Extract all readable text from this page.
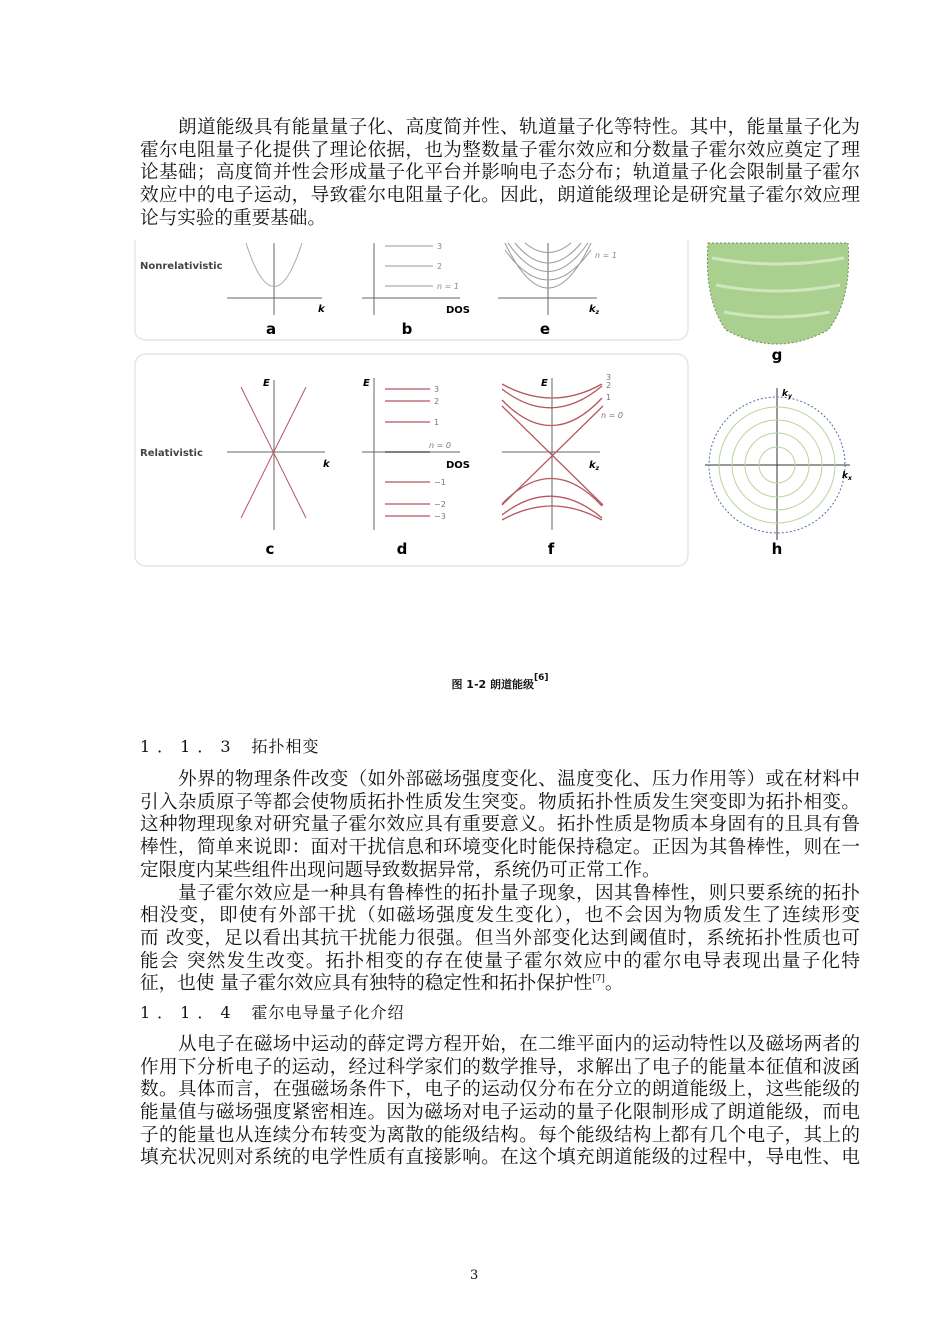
朗道能级具有能量量子化、高度简并性、轨道量子化等特性。其中，能量量子化为
霍尔电阻量子化提供了理论依据，也为整数量子霍尔效应和分数量子霍尔效应奠定了理
论基础；高度简并性会形成量子化平台并影响电子态分布；轨道量子化会限制量子霍尔
效应中的电子运动，导致霍尔电阻量子化。因此，朗道能级理论是研究量子霍尔效应理
论与实验的重要基础。
Nonrelativistic
Relativistic
k
a
3
2
n = 1
DOS
b
n = 1
$k_z$
e
g
E
k
c
E
3
2
1
n = 0
−1
−2
−3
DOS
d
E
3
2
1
n = 0
$k_z$
f
$k_y$
$k_x$
h
图 1-2 朗道能级[6]
1．1．3 拓扑相变
外界的物理条件改变（如外部磁场强度变化、温度变化、压力作用等）或在材料中
引入杂质原子等都会使物质拓扑性质发生突变。物质拓扑性质发生突变即为拓扑相变。
这种物理现象对研究量子霍尔效应具有重要意义。拓扑性质是物质本身固有的且具有鲁
棒性，简单来说即：面对干扰信息和环境变化时能保持稳定。正因为其鲁棒性，则在一
定限度内某些组件出现问题导致数据异常，系统仍可正常工作。
量子霍尔效应是一种具有鲁棒性的拓扑量子现象，因其鲁棒性，则只要系统的拓扑
相没变，即使有外部干扰（如磁场强度发生变化），也不会因为物质发生了连续形变
而 改变，足以看出其抗干扰能力很强。但当外部变化达到阈值时，系统拓扑性质也可
能会 突然发生改变。拓扑相变的存在使量子霍尔效应中的霍尔电导表现出量子化特
征，也使 量子霍尔效应具有独特的稳定性和拓扑保护性[7]。
1．1．4 霍尔电导量子化介绍
从电子在磁场中运动的薛定谔方程开始，在二维平面内的运动特性以及磁场两者的
作用下分析电子的运动，经过科学家们的数学推导，求解出了电子的能量本征值和波函
数。具体而言，在强磁场条件下，电子的运动仅分布在分立的朗道能级上，这些能级的
能量值与磁场强度紧密相连。因为磁场对电子运动的量子化限制形成了朗道能级，而电
子的能量也从连续分布转变为离散的能级结构。每个能级结构上都有几个电子，其上的
填充状况则对系统的电学性质有直接影响。在这个填充朗道能级的过程中，导电性、电
3
